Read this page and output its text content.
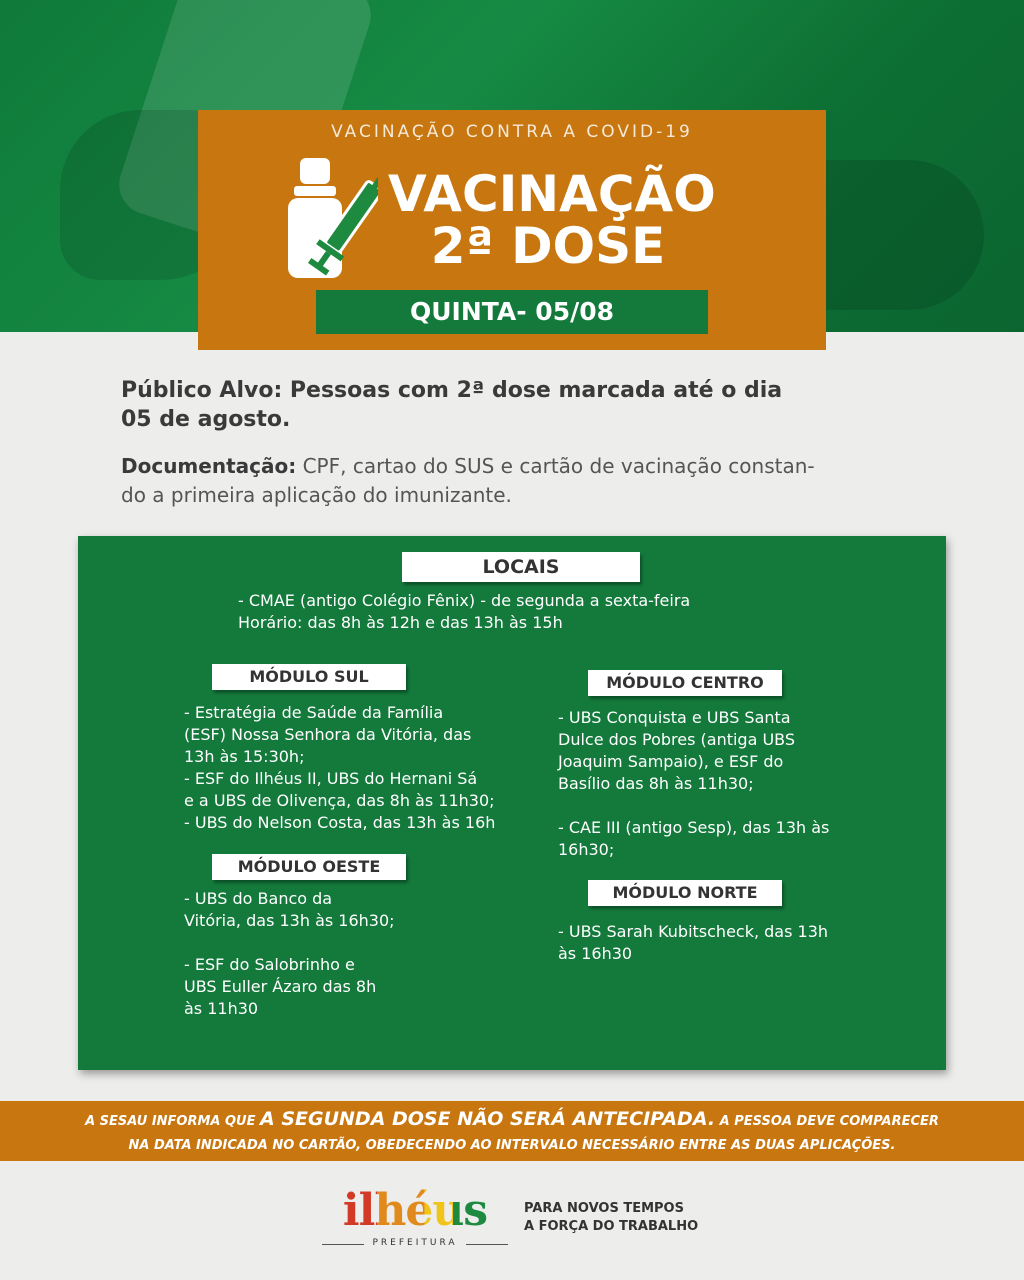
VACINAÇÃO CONTRA A COVID-19
VACINAÇÃO
2ª DOSE
QUINTA- 05/08
Público Alvo: Pessoas com 2ª dose marcada até o dia
05 de agosto.
Documentação: CPF, cartao do SUS e cartão de vacinação constan-
do a primeira aplicação do imunizante.
LOCAIS
- CMAE (antigo Colégio Fênix) - de segunda a sexta-feira
Horário: das 8h às 12h e das 13h às 15h
MÓDULO SUL
- Estratégia de Saúde da Família
(ESF) Nossa Senhora da Vitória, das
13h às 15:30h;
- ESF do Ilhéus II, UBS do Hernani Sá
e a UBS de Olivença, das 8h às 11h30;
- UBS do Nelson Costa, das 13h às 16h
MÓDULO OESTE
- UBS do Banco da
Vitória, das 13h às 16h30;
- ESF do Salobrinho e
UBS Euller Ázaro das 8h
às 11h30
MÓDULO CENTRO
- UBS Conquista e UBS Santa
Dulce dos Pobres (antiga UBS
Joaquim Sampaio), e ESF do
Basílio das 8h às 11h30;
- CAE III (antigo Sesp), das 13h às
16h30;
MÓDULO NORTE
- UBS Sarah Kubitscheck, das 13h
às 16h30
A SESAU INFORMA QUE A SEGUNDA DOSE NÃO SERÁ ANTECIPADA. A PESSOA DEVE COMPARECER
NA DATA INDICADA NO CARTÃO, OBEDECENDO AO INTERVALO NECESSÁRIO ENTRE AS DUAS APLICAÇÕES.
ilhéus
PREFEITURA
PARA NOVOS TEMPOS
A FORÇA DO TRABALHO
